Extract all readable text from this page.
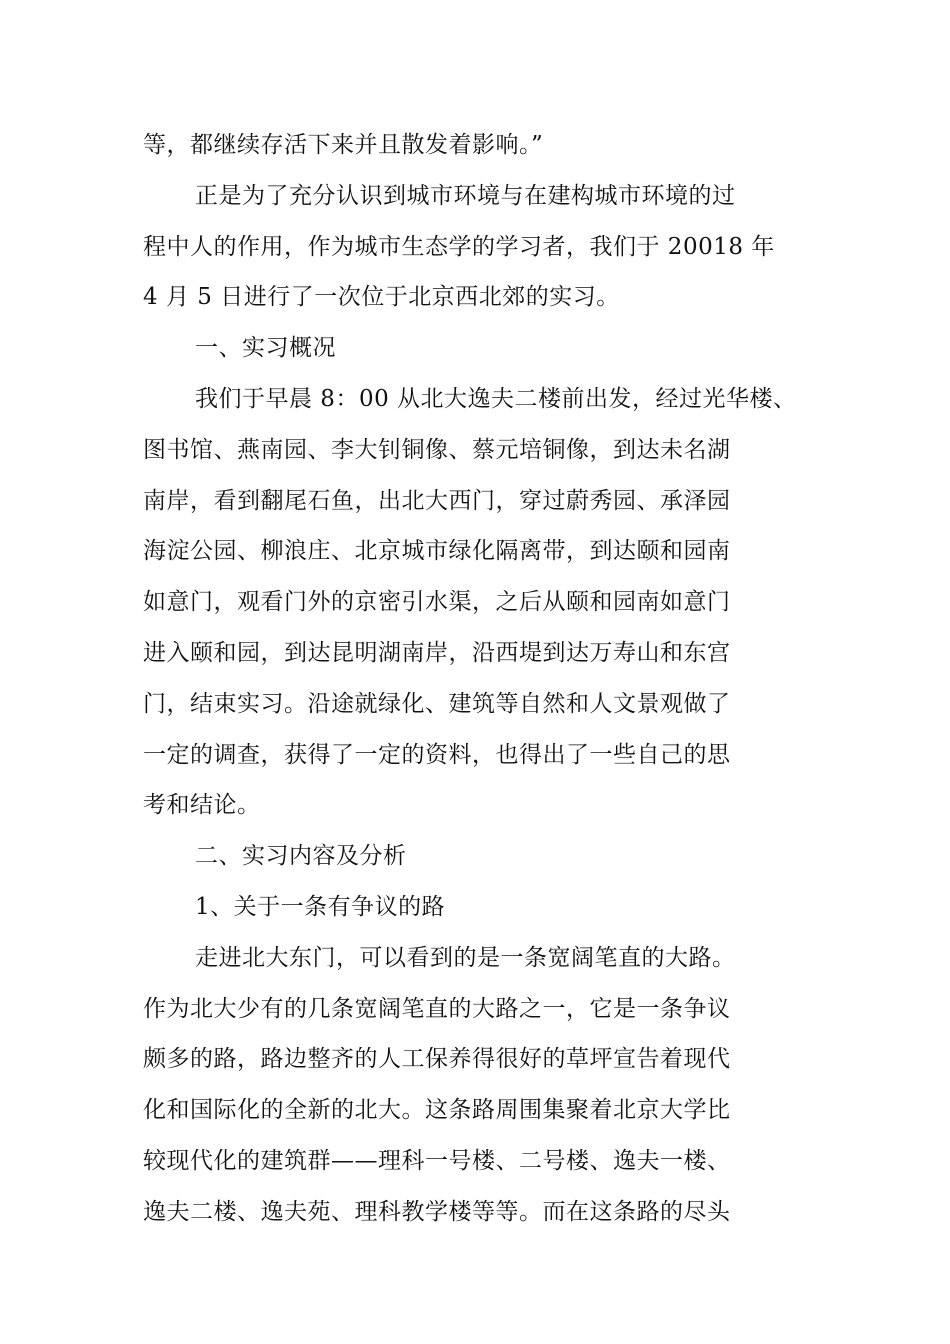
等，都继续存活下来并且散发着影响。”
正是为了充分认识到城市环境与在建构城市环境的过
程中人的作用，作为城市生态学的学习者，我们于 20018 年
4 月 5 日进行了一次位于北京西北郊的实习。
一、实习概况
我们于早晨 8：00 从北大逸夫二楼前出发，经过光华楼、
图书馆、燕南园、李大钊铜像、蔡元培铜像，到达未名湖
南岸，看到翻尾石鱼，出北大西门，穿过蔚秀园、承泽园
海淀公园、柳浪庄、北京城市绿化隔离带，到达颐和园南
如意门，观看门外的京密引水渠，之后从颐和园南如意门
进入颐和园，到达昆明湖南岸，沿西堤到达万寿山和东宫
门，结束实习。沿途就绿化、建筑等自然和人文景观做了
一定的调查，获得了一定的资料，也得出了一些自己的思
考和结论。
二、实习内容及分析
1、关于一条有争议的路
走进北大东门，可以看到的是一条宽阔笔直的大路。
作为北大少有的几条宽阔笔直的大路之一，它是一条争议
颇多的路，路边整齐的人工保养得很好的草坪宣告着现代
化和国际化的全新的北大。这条路周围集聚着北京大学比
较现代化的建筑群——理科一号楼、二号楼、逸夫一楼、
逸夫二楼、逸夫苑、理科教学楼等等。而在这条路的尽头
